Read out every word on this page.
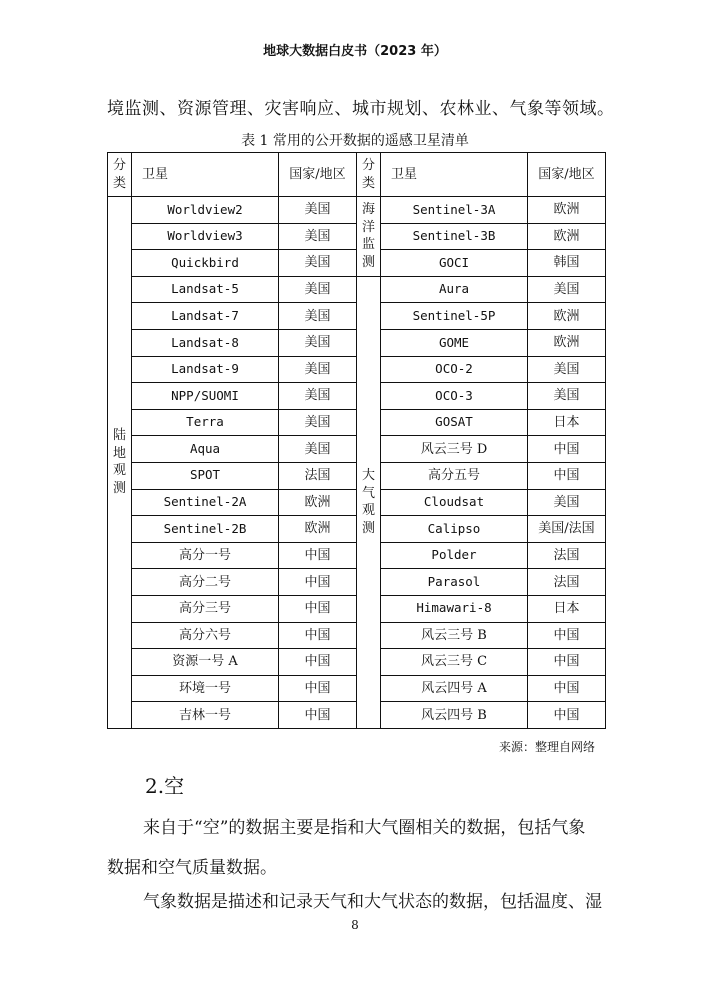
地球大数据白皮书（2023 年）
境监测、资源管理、灾害响应、城市规划、农林业、气象等领域。
表 1 常用的公开数据的遥感卫星清单
分类	卫星	国家/地区	分类	卫星	国家/地区

陆地观测	Worldview2	美国	海洋监测	Sentinel-3A	欧洲
	Worldview3	美国		Sentinel-3B	欧洲
	Quickbird	美国		GOCI	韩国
	Landsat-5	美国	大气观测	Aura	美国
	Landsat-7	美国		Sentinel-5P	欧洲
	Landsat-8	美国		GOME	欧洲
	Landsat-9	美国		OCO-2	美国
	NPP/SUOMI	美国		OCO-3	美国
	Terra	美国		GOSAT	日本
	Aqua	美国		风云三号 D	中国
	SPOT	法国		高分五号	中国
	Sentinel-2A	欧洲		Cloudsat	美国
	Sentinel-2B	欧洲		Calipso	美国/法国
	高分一号	中国		Polder	法国
	高分二号	中国		Parasol	法国
	高分三号	中国		Himawari-8	日本
	高分六号	中国		风云三号 B	中国
	资源一号 A	中国		风云三号 C	中国
	环境一号	中国		风云四号 A	中国
	吉林一号	中国		风云四号 B	中国
来源：整理自网络
2.空
来自于“空”的数据主要是指和大气圈相关的数据，包括气象数据和空气质量数据。
气象数据是描述和记录天气和大气状态的数据，包括温度、湿
8
